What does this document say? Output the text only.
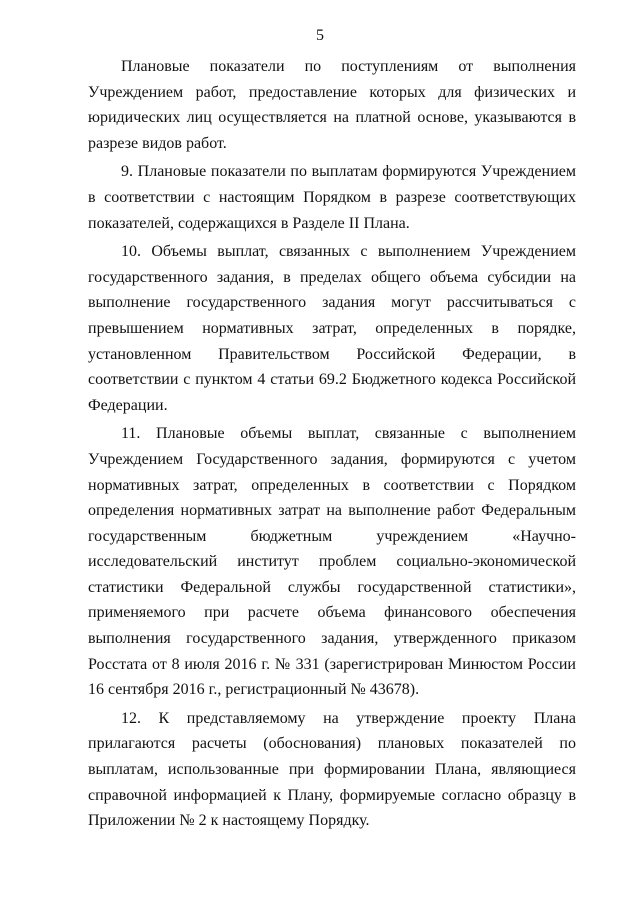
5

Плановые показатели по поступлениям от выполнения Учреждением работ, предоставление которых для физических и юридических лиц осуществляется на платной основе, указываются в разрезе видов работ.

9. Плановые показатели по выплатам формируются Учреждением в соответствии с настоящим Порядком в разрезе соответствующих показателей, содержащихся в Разделе II Плана.

10. Объемы выплат, связанных с выполнением Учреждением государственного задания, в пределах общего объема субсидии на выполнение государственного задания могут рассчитываться с превышением нормативных затрат, определенных в порядке, установленном Правительством Российской Федерации, в соответствии с пунктом 4 статьи 69.2 Бюджетного кодекса Российской Федерации.

11. Плановые объемы выплат, связанные с выполнением Учреждением Государственного задания, формируются с учетом нормативных затрат, определенных в соответствии с Порядком определения нормативных затрат на выполнение работ Федеральным государственным бюджетным учреждением «Научно-исследовательский институт проблем социально-экономической статистики Федеральной службы государственной статистики», применяемого при расчете объема финансового обеспечения выполнения государственного задания, утвержденного приказом Росстата от 8 июля 2016 г. № 331 (зарегистрирован Минюстом России 16 сентября 2016 г., регистрационный № 43678).

12. К представляемому на утверждение проекту Плана прилагаются расчеты (обоснования) плановых показателей по выплатам, использованные при формировании Плана, являющиеся справочной информацией к Плану, формируемые согласно образцу в Приложении № 2 к настоящему Порядку.
